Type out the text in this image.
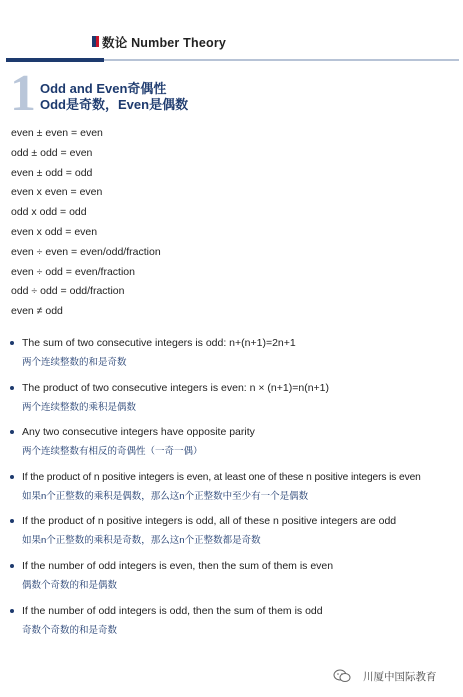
数论 Number Theory
1 Odd and Even奇偶性
Odd是奇数，Even是偶数
even ± even = even
odd ± odd = even
even ± odd = odd
even x even = even
odd x odd = odd
even x odd = even
even ÷ even = even/odd/fraction
even ÷ odd = even/fraction
odd ÷ odd = odd/fraction
even ≠ odd
The sum of two consecutive integers is odd: n+(n+1)=2n+1
两个连续整数的和是奇数
The product of two consecutive integers is even: n × (n+1)=n(n+1)
两个连续整数的乘积是偶数
Any two consecutive integers have opposite parity
两个连续整数有相反的奇偶性（一奇一偶）
If the product of n positive integers is even, at least one of these n positive integers is even
如果n个正整数的乘积是偶数，那么这n个正整数中至少有一个是偶数
If the product of n positive integers is odd, all of these n positive integers are odd
如果n个正整数的乘积是奇数，那么这n个正整数都是奇数
If the number of odd integers is even, then the sum of them is even
偶数个奇数的和是偶数
If the number of odd integers is odd, then the sum of them is odd
奇数个奇数的和是奇数
川厦中国际教育
